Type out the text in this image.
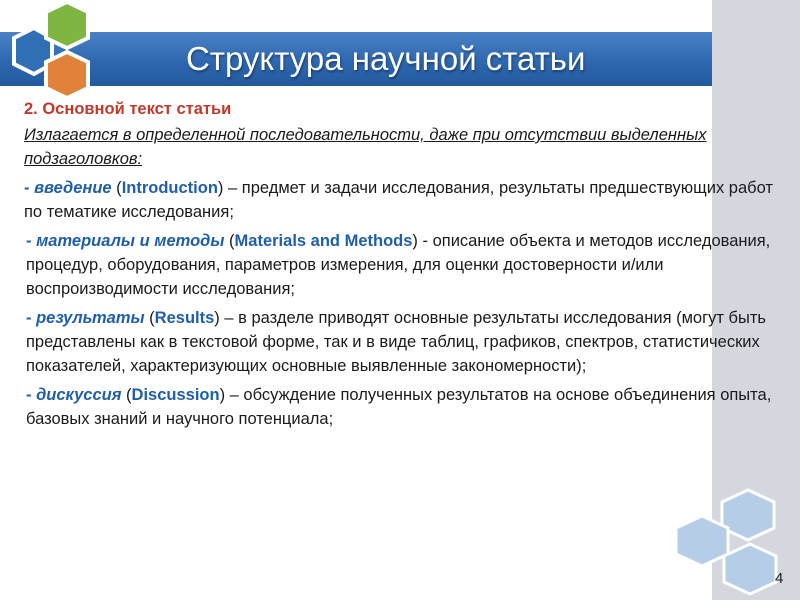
Структура научной статьи
2. Основной текст статьи
Излагается в определенной последовательности, даже при отсутствии выделенных подзаголовков:
- введение (Introduction) – предмет и задачи исследования, результаты предшествующих работ по тематике исследования;
- материалы и методы (Materials and Methods) - описание объекта и методов исследования, процедур, оборудования, параметров измерения, для оценки достоверности и/или воспроизводимости исследования;
- результаты (Results) – в разделе приводят основные результаты исследования (могут быть представлены как в текстовой форме, так и в виде таблиц, графиков, спектров, статистических показателей, характеризующих основные выявленные закономерности);
- дискуссия (Discussion) – обсуждение полученных результатов на основе объединения опыта, базовых знаний и научного потенциала;
4
